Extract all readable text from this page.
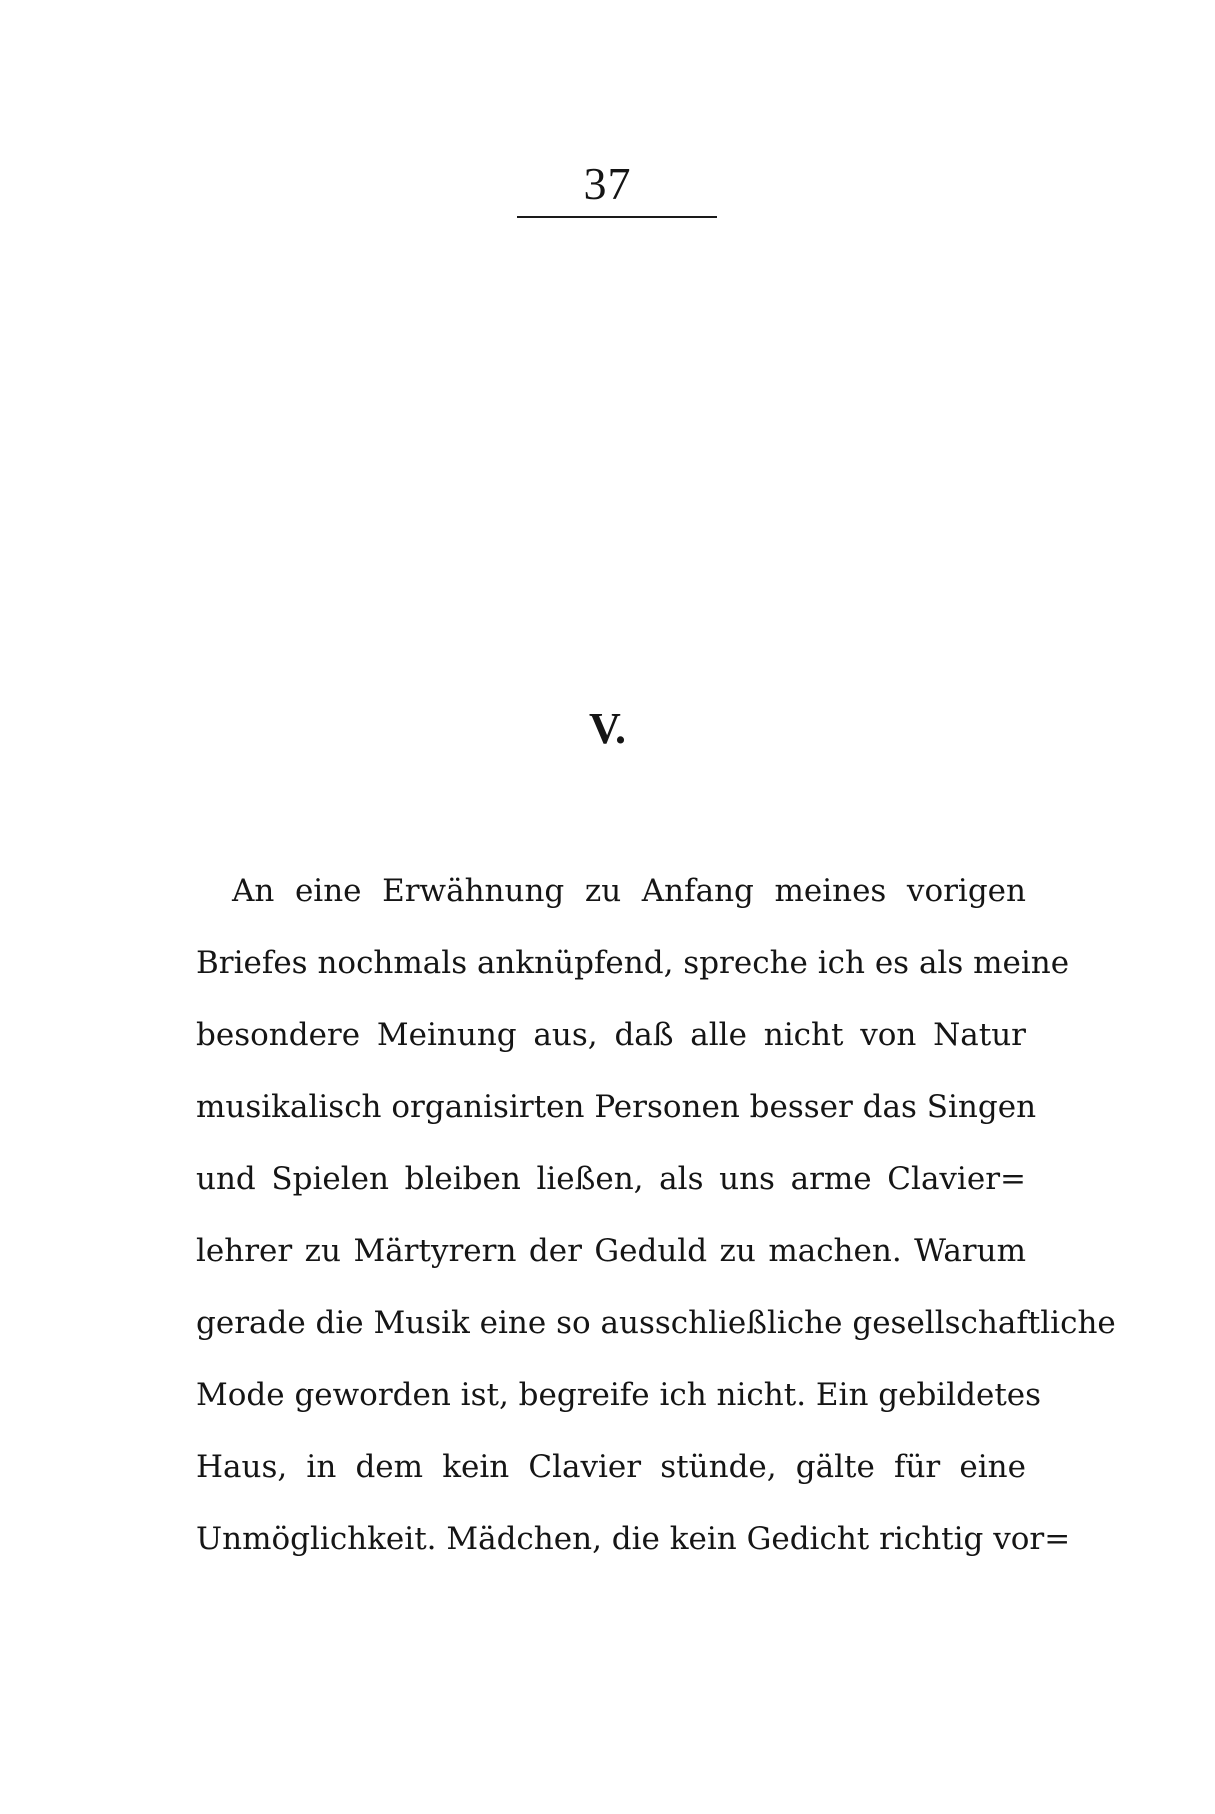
37
V.
An eine Erwähnung zu Anfang meines vorigen
Briefes nochmals anknüpfend, spreche ich es als meine
besondere Meinung aus, daß alle nicht von Natur
musikalisch organisirten Personen besser das Singen
und Spielen bleiben ließen, als uns arme Clavier=
lehrer zu Märtyrern der Geduld zu machen. Warum
gerade die Musik eine so ausschließliche gesellschaftliche
Mode geworden ist, begreife ich nicht. Ein gebildetes
Haus, in dem kein Clavier stünde, gälte für eine
Unmöglichkeit. Mädchen, die kein Gedicht richtig vor=
